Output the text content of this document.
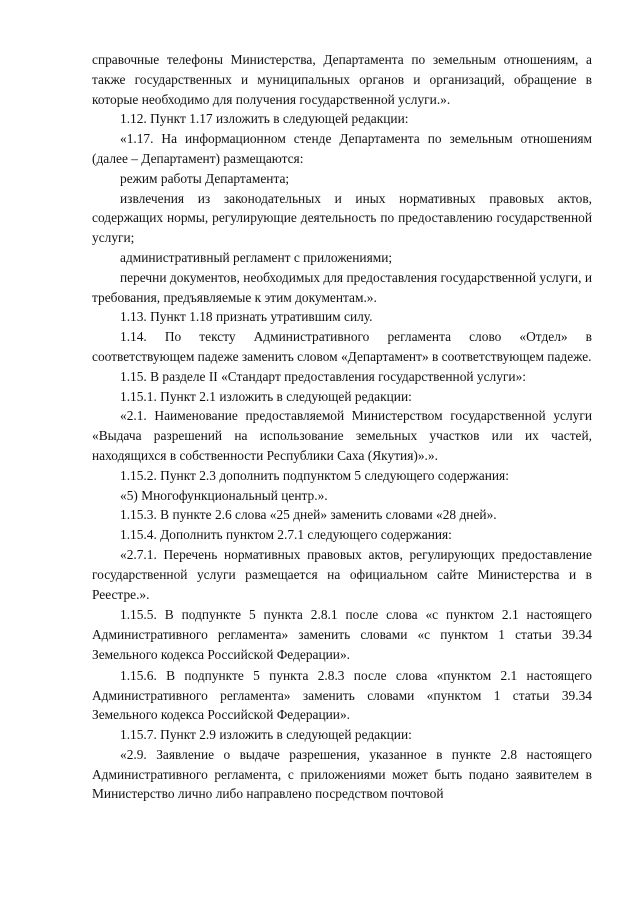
справочные телефоны Министерства, Департамента по земельным отношениям, а также государственных и муниципальных органов и организаций, обращение в которые необходимо для получения государственной услуги.».

1.12. Пункт 1.17 изложить в следующей редакции:

«1.17. На информационном стенде Департамента по земельным отношениям (далее – Департамент) размещаются:

режим работы Департамента;

извлечения из законодательных и иных нормативных правовых актов, содержащих нормы, регулирующие деятельность по предоставлению государственной услуги;

административный регламент с приложениями;

перечни документов, необходимых для предоставления государственной услуги, и требования, предъявляемые к этим документам.».

1.13. Пункт 1.18 признать утратившим силу.

1.14. По тексту Административного регламента слово «Отдел» в соответствующем падеже заменить словом «Департамент» в соответствующем падеже.

1.15. В разделе II «Стандарт предоставления государственной услуги»:

1.15.1. Пункт 2.1 изложить в следующей редакции:

«2.1. Наименование предоставляемой Министерством государственной услуги «Выдача разрешений на использование земельных участков или их частей, находящихся в собственности Республики Саха (Якутия)».».

1.15.2. Пункт 2.3 дополнить подпунктом 5 следующего содержания:

«5) Многофункциональный центр.».

1.15.3. В пункте 2.6 слова «25 дней» заменить словами «28 дней».

1.15.4. Дополнить пунктом 2.7.1 следующего содержания:

«2.7.1. Перечень нормативных правовых актов, регулирующих предоставление государственной услуги размещается на официальном сайте Министерства и в Реестре.».

1.15.5. В подпункте 5 пункта 2.8.1 после слова «с пунктом 2.1 настоящего Административного регламента» заменить словами «с пунктом 1 статьи 39.34 Земельного кодекса Российской Федерации».

1.15.6. В подпункте 5 пункта 2.8.3 после слова «пунктом 2.1 настоящего Административного регламента» заменить словами «пунктом 1 статьи 39.34 Земельного кодекса Российской Федерации».

1.15.7. Пункт 2.9 изложить в следующей редакции:

«2.9. Заявление о выдаче разрешения, указанное в пункте 2.8 настоящего Административного регламента, с приложениями может быть подано заявителем в Министерство лично либо направлено посредством почтовой
